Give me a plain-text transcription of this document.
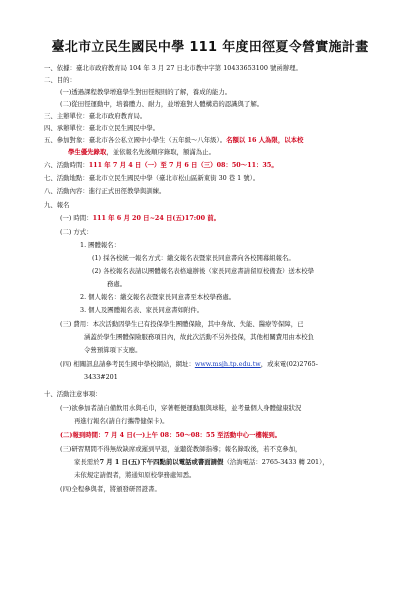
臺北市立民生國民中學 111 年度田徑夏令營實施計畫
一、依據：臺北市政府教育局 104 年 3 月 27 日北市教中字第 10433653100 號函辦理。
二、目的：
(一)透過課程教學增進學生對田徑規則的了解，養成的能力。
(二)從田徑運動中，培養體力、耐力，並增進對人體構造的認識與了解。
三、主辦單位：臺北市政府教育局。
四、承辦單位：臺北市立民生國民中學。
五、參加對象：臺北市各公私立國中小學生（五年級～八年級）。名額以 16 人為限，以本校
學生優先錄取，並依報名先後順序錄取，額滿為止。
六、活動時間：111 年 7 月 4 日（一）至 7 月 6 日（三）08：50～11：35。
七、活動地點：臺北市立民生國民中學（臺北市松山區新東街 30 巷 1 號）。
八、活動內容：進行正式田徑教學與訓練。
九、報名
(一) 時間：111 年 6 月 20 日~24 日(五)17:00 前。
(二) 方式：
1. 團體報名：
(1) 採各校統一報名方式：繳交報名表暨家長同意書向各校開幕組報名。
(2) 各校報名表請以團體報名表格連辦後（家長同意書請留原校備查）送本校學
務處。
2. 個人報名：繳交報名表暨家長同意書至本校學務處。
3. 個人及團體報名表、家長同意書如附件。
(三) 費用：本次活動因學生已有投保學生團體保險，其中身故、失能、醫療等保障，已
涵蓋於學生團體保險服務項目內，故此次活動不另外投保，其他相關費用由本校負
令營預算項下支應。
(四) 相關訊息請參考民生國中學校網站，網址：www.msjh.tp.edu.tw，或來電(02)2765-
3433#201
十、活動注意事項：
(一)欲參加者請自備飲用水與毛巾，穿著輕便運動服與球鞋，並考量個人身體健康狀況
再進行報名(請自行攜帶健保卡)。
(二)報到時間：7 月 4 日(一)上午 08：50～08：55 至活動中心一樓報到。
(三)研習期間不得無故缺席或遲到早退，並聽從教師指導；報名錄取後，若不克參加，
家長需於7 月 1 日(五)下午四點前以電話或書面請假（洽詢電話：2765-3433 轉 201），
未依規定請假者，將通知原校學務處知悉。
(四)全程參與者，將頒發研習證書。
